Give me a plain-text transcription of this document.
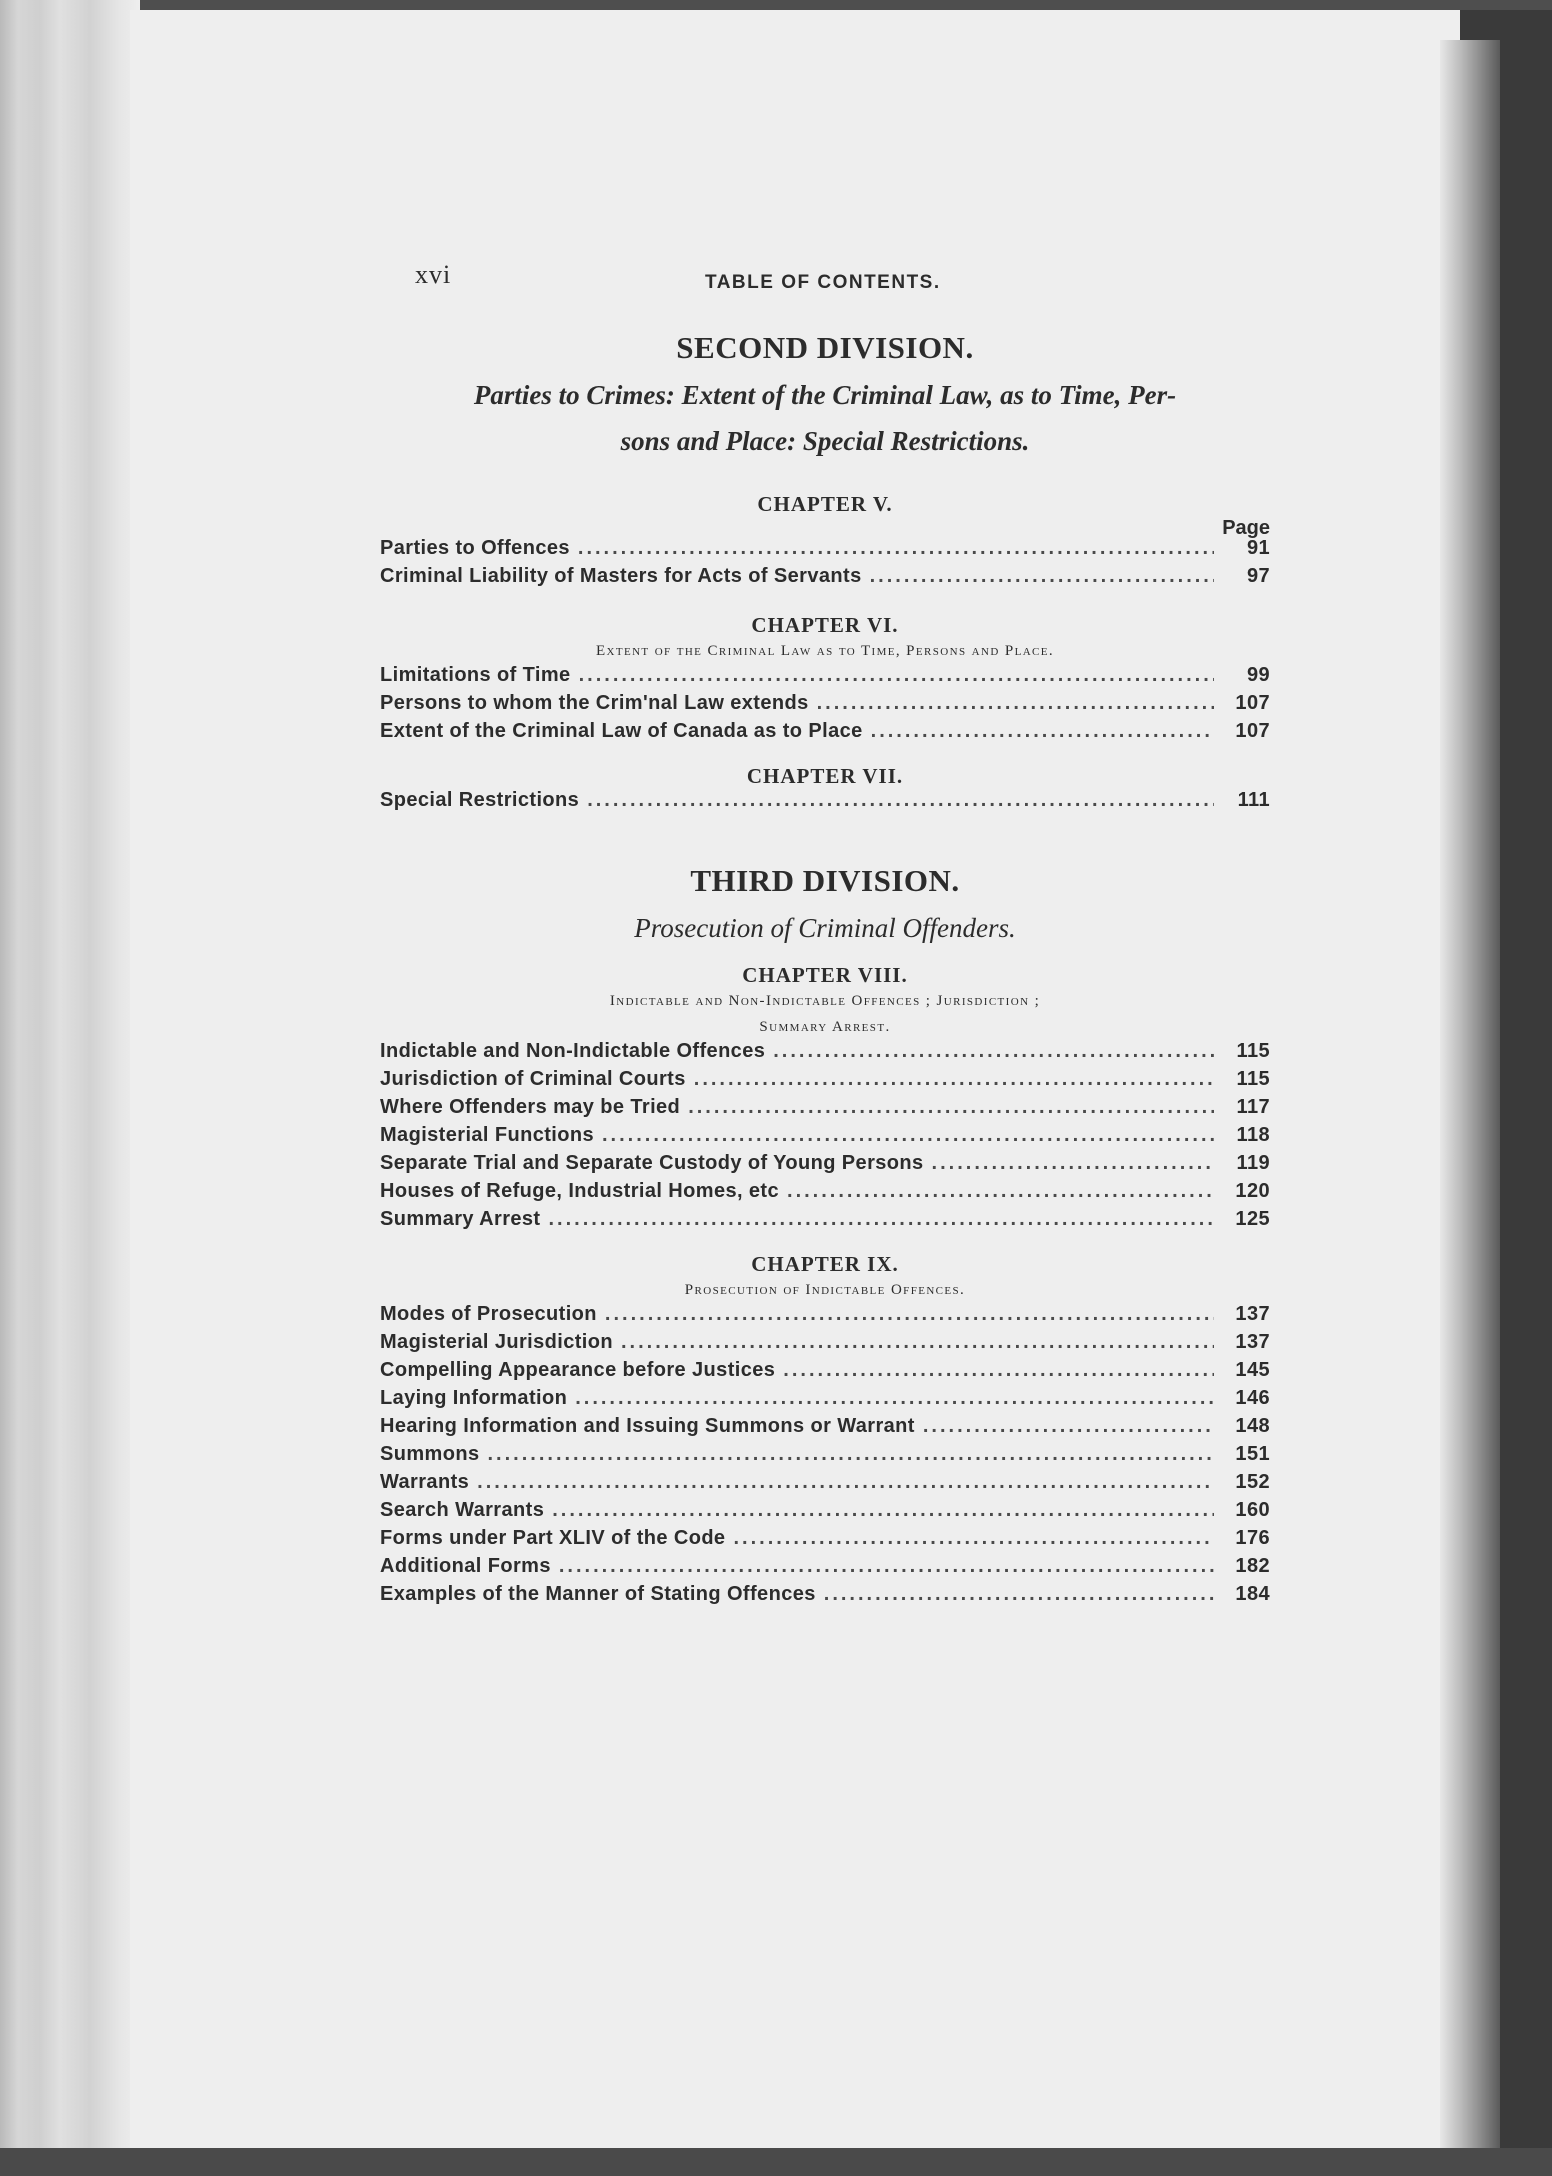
xvi	TABLE OF CONTENTS.
SECOND DIVISION.

Parties to Crimes: Extent of the Criminal Law, as to Time, Per-
sons and Place: Special Restrictions.

CHAPTER V.
Page
Parties to Offences .....	91
Criminal Liability of Masters for Acts of Servants .....	97
CHAPTER VI.

Extent of the Criminal Law as to Time, Persons and Place.

Limitations of Time .....	99
Persons to whom the Crim'nal Law extends .....	107
Extent of the Criminal Law of Canada as to Place .....	107
CHAPTER VII.
Special Restrictions .....	111
THIRD DIVISION.

Prosecution of Criminal Offenders.

CHAPTER VIII.

Indictable and Non-Indictable Offences ; Jurisdiction ;
Summary Arrest.

Indictable and Non-Indictable Offences .....	115
Jurisdiction of Criminal Courts .....	115
Where Offenders may be Tried .....	117
Magisterial Functions .....	118
Separate Trial and Separate Custody of Young Persons .....	119
Houses of Refuge, Industrial Homes, etc .....	120
Summary Arrest .....	125
CHAPTER IX.

Prosecution of Indictable Offences.

Modes of Prosecution .....	137
Magisterial Jurisdiction .....	137
Compelling Appearance before Justices .....	145
Laying Information .....	146
Hearing Information and Issuing Summons or Warrant .....	148
Summons .....	151
Warrants .....	152
Search Warrants .....	160
Forms under Part XLIV of the Code .....	176
Additional Forms .....	182
Examples of the Manner of Stating Offences .....	184
